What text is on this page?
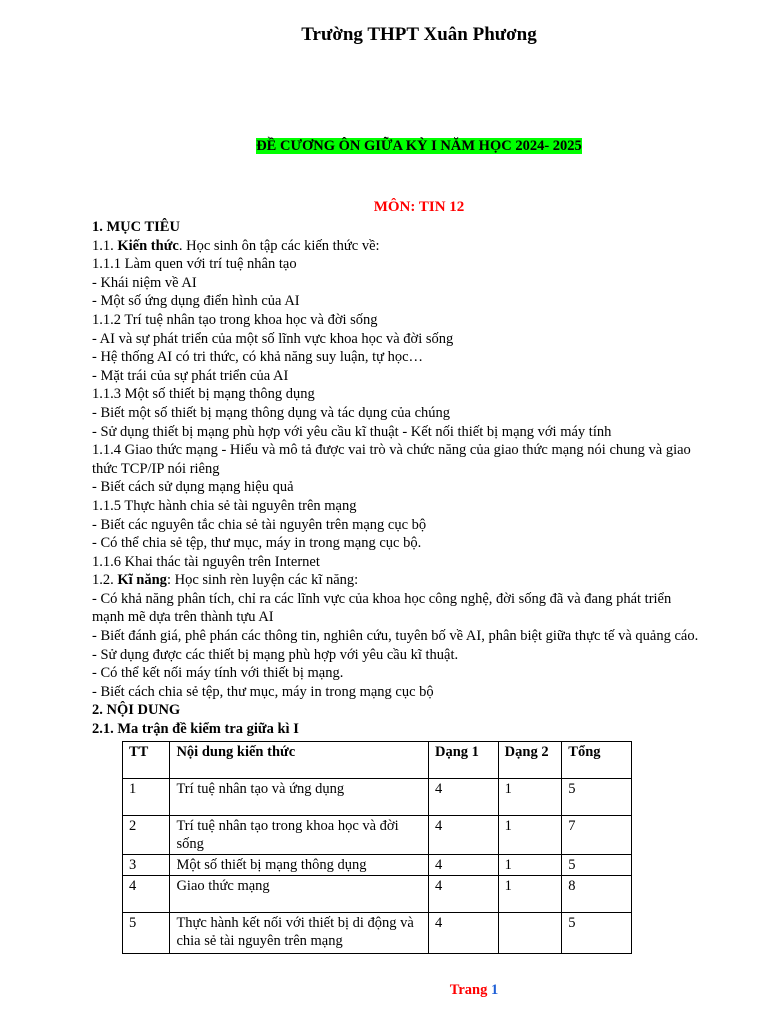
Trường THPT Xuân Phương
ĐỀ CƯƠNG ÔN GIỮA KỲ I NĂM HỌC 2024- 2025
MÔN: TIN 12
1. MỤC TIÊU
1.1. Kiến thức. Học sinh ôn tập các kiến thức về:
1.1.1 Làm quen với trí tuệ nhân tạo
- Khái niệm về AI
- Một số ứng dụng điển hình của AI
1.1.2 Trí tuệ nhân tạo trong khoa học và đời sống
- AI và sự phát triển của một số lĩnh vực khoa học và đời sống
- Hệ thống AI có tri thức, có khả năng suy luận, tự học…
- Mặt trái của sự phát triển của AI
1.1.3 Một số thiết bị mạng thông dụng
- Biết một số thiết bị mạng thông dụng và tác dụng của chúng
- Sử dụng thiết bị mạng phù hợp với yêu cầu kĩ thuật - Kết nối thiết bị mạng với máy tính
1.1.4 Giao thức mạng - Hiểu và mô tả được vai trò và chức năng của giao thức mạng nói chung và giao
thức TCP/IP nói riêng
- Biết cách sử dụng mạng hiệu quả
1.1.5 Thực hành chia sẻ tài nguyên trên mạng
- Biết các nguyên tắc chia sẻ tài nguyên trên mạng cục bộ
- Có thể chia sẻ tệp, thư mục, máy in trong mạng cục bộ.
1.1.6 Khai thác tài nguyên trên Internet
1.2. Kĩ năng: Học sinh rèn luyện các kĩ năng:
- Có khả năng phân tích, chỉ ra các lĩnh vực của khoa học công nghệ, đời sống đã và đang phát triển
mạnh mẽ dựa trên thành tựu AI
- Biết đánh giá, phê phán các thông tin, nghiên cứu, tuyên bố về AI, phân biệt giữa thực tế và quảng cáo.
- Sử dụng được các thiết bị mạng phù hợp với yêu cầu kĩ thuật.
- Có thể kết nối máy tính với thiết bị mạng.
- Biết cách chia sẻ tệp, thư mục, máy in trong mạng cục bộ
2. NỘI DUNG
2.1. Ma trận đề kiểm tra giữa kì I
TT	Nội dung kiến thức	Dạng 1	Dạng 2	Tổng
1	Trí tuệ nhân tạo và ứng dụng	4	1	5
2	Trí tuệ nhân tạo trong khoa học và đời sống	4	1	7
3	Một số thiết bị mạng thông dụng	4	1	5
4	Giao thức mạng	4	1	8
5	Thực hành kết nối với thiết bị di động và chia sẻ tài nguyên trên mạng	4		5
Trang 1
